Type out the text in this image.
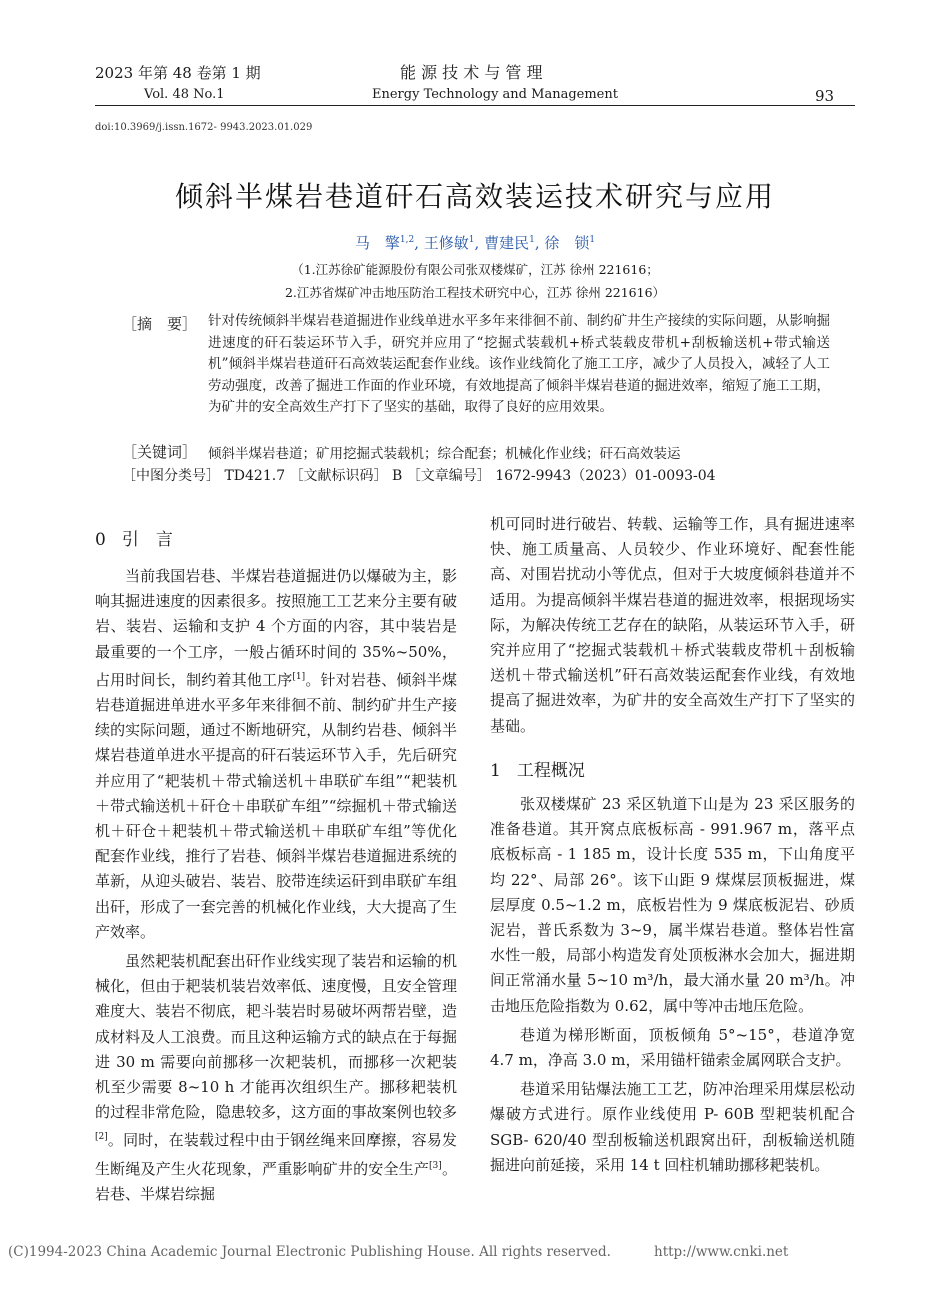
2023 年第 48 卷第 1 期
Vol. 48 No.1
能 源 技 术 与 管 理
Energy Technology and Management	93
doi:10.3969/j.issn.1672- 9943.2023.01.029
倾斜半煤岩巷道矸石高效装运技术研究与应用
马　擎$^{1,2}$, 王修敏$^1$, 曹建民$^1$, 徐　锁$^1$
（1.江苏徐矿能源股份有限公司张双楼煤矿，江苏 徐州 221616；
2.江苏省煤矿冲击地压防治工程技术研究中心，江苏 徐州 221616）
［摘　要］ 针对传统倾斜半煤岩巷道掘进作业线单进水平多年来徘徊不前、制约矿井生产接续的实际问题，从影响掘进速度的矸石装运环节入手，研究并应用了“挖掘式装载机+桥式装载皮带机+刮板输送机+带式输送机”倾斜半煤岩巷道矸石高效装运配套作业线。该作业线简化了施工工序，减少了人员投入，减轻了人工劳动强度，改善了掘进工作面的作业环境，有效地提高了倾斜半煤岩巷道的掘进效率，缩短了施工工期，为矿井的安全高效生产打下了坚实的基础，取得了良好的应用效果。
［关键词］ 倾斜半煤岩巷道；矿用挖掘式装载机；综合配套；机械化作业线；矸石高效装运
［中图分类号］ TD421.7 ［文献标识码］ B ［文章编号］ 1672-9943（2023）01-0093-04
0 引　言

当前我国岩巷、半煤岩巷道掘进仍以爆破为主，影响其掘进速度的因素很多。按照施工工艺来分主要有破岩、装岩、运输和支护 4 个方面的内容，其中装岩是最重要的一个工序，一般占循环时间的 35%~50%，占用时间长，制约着其他工序[1]。针对岩巷、倾斜半煤岩巷道掘进单进水平多年来徘徊不前、制约矿井生产接续的实际问题，通过不断地研究，从制约岩巷、倾斜半煤岩巷道单进水平提高的矸石装运环节入手，先后研究并应用了“耙装机＋带式输送机＋串联矿车组”“耙装机＋带式输送机＋矸仓＋串联矿车组”“综掘机＋带式输送机＋矸仓＋耙装机＋带式输送机＋串联矿车组”等优化配套作业线，推行了岩巷、倾斜半煤岩巷道掘进系统的革新，从迎头破岩、装岩、胶带连续运矸到串联矿车组出矸，形成了一套完善的机械化作业线，大大提高了生产效率。

虽然耙装机配套出矸作业线实现了装岩和运输的机械化，但由于耙装机装岩效率低、速度慢，且安全管理难度大、装岩不彻底，耙斗装岩时易破坏两帮岩壁，造成材料及人工浪费。而且这种运输方式的缺点在于每掘进 30 m 需要向前挪移一次耙装机，而挪移一次耙装机至少需要 8~10 h 才能再次组织生产。挪移耙装机的过程非常危险，隐患较多，这方面的事故案例也较多[2]。同时，在装载过程中由于钢丝绳来回摩擦，容易发生断绳及产生火花现象，严重影响矿井的安全生产[3]。岩巷、半煤岩综掘

机可同时进行破岩、转载、运输等工作，具有掘进速率快、施工质量高、人员较少、作业环境好、配套性能高、对围岩扰动小等优点，但对于大坡度倾斜巷道并不适用。为提高倾斜半煤岩巷道的掘进效率，根据现场实际，为解决传统工艺存在的缺陷，从装运环节入手，研究并应用了“挖掘式装载机＋桥式装载皮带机＋刮板输送机＋带式输送机”矸石高效装运配套作业线，有效地提高了掘进效率，为矿井的安全高效生产打下了坚实的基础。

1 工程概况

张双楼煤矿 23 采区轨道下山是为 23 采区服务的准备巷道。其开窝点底板标高 - 991.967 m，落平点底板标高 - 1 185 m，设计长度 535 m，下山角度平均 22°、局部 26°。该下山距 9 煤煤层顶板掘进，煤层厚度 0.5~1.2 m，底板岩性为 9 煤底板泥岩、砂质泥岩，普氏系数为 3~9，属半煤岩巷道。整体岩性富水性一般，局部小构造发育处顶板淋水会加大，掘进期间正常涌水量 5~10 m³/h，最大涌水量 20 m³/h。冲击地压危险指数为 0.62，属中等冲击地压危险。

巷道为梯形断面，顶板倾角 5°~15°，巷道净宽 4.7 m，净高 3.0 m，采用锚杆锚索金属网联合支护。

巷道采用钻爆法施工工艺，防冲治理采用煤层松动爆破方式进行。原作业线使用 P- 60B 型耙装机配合 SGB- 620/40 型刮板输送机跟窝出矸，刮板输送机随掘进向前延接，采用 14 t 回柱机辅助挪移耙装机。

(C)1994-2023 China Academic Journal Electronic Publishing House. All rights reserved.	http://www.cnki.net
